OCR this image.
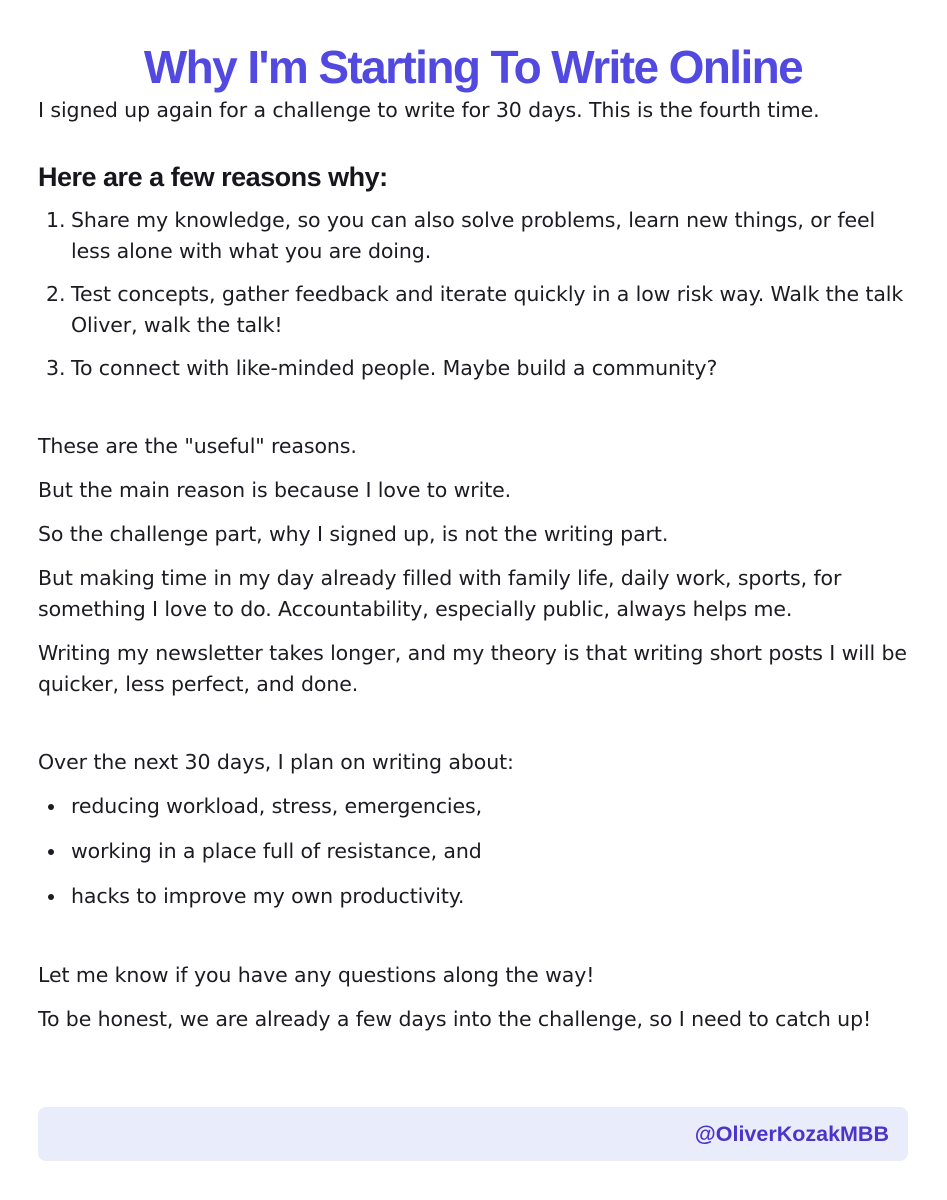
Why I'm Starting To Write Online

I signed up again for a challenge to write for 30 days. This is the fourth time.

Here are a few reasons why:
1. Share my knowledge, so you can also solve problems, learn new things, or feel less alone with what you are doing.
2. Test concepts, gather feedback and iterate quickly in a low risk way. Walk the talk Oliver, walk the talk!
3. To connect with like-minded people. Maybe build a community?

These are the "useful" reasons.

But the main reason is because I love to write.

So the challenge part, why I signed up, is not the writing part.

But making time in my day already filled with family life, daily work, sports, for something I love to do. Accountability, especially public, always helps me.

Writing my newsletter takes longer, and my theory is that writing short posts I will be quicker, less perfect, and done.

Over the next 30 days, I plan on writing about:

reducing workload, stress, emergencies,
working in a place full of resistance, and
hacks to improve my own productivity.

Let me know if you have any questions along the way!

To be honest, we are already a few days into the challenge, so I need to catch up!

@OliverKozakMBB
